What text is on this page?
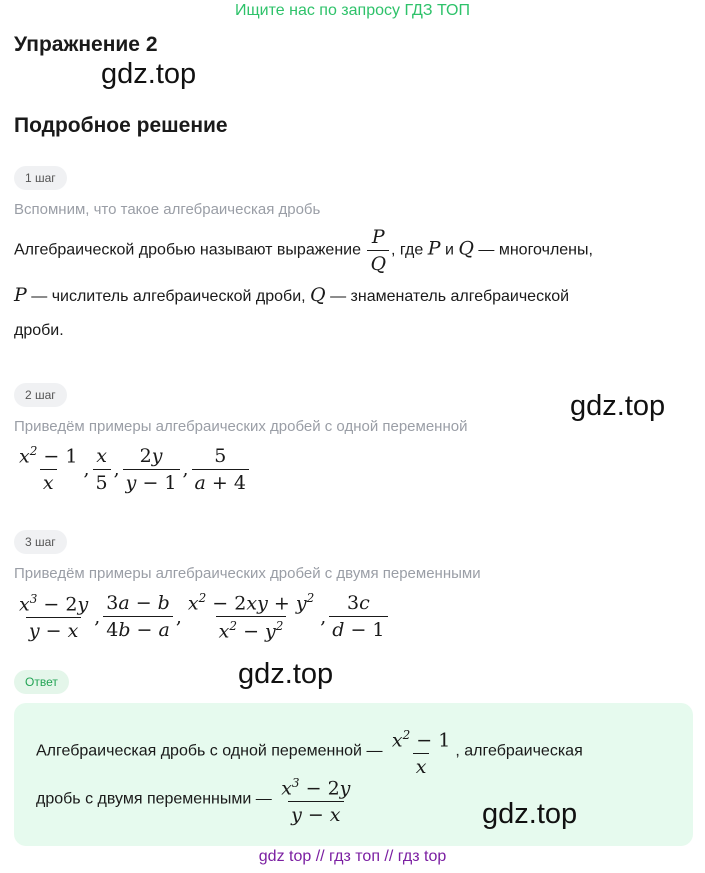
Ищите нас по запросу ГДЗ ТОП
Упражнение 2
gdz.top
Подробное решение
1 шаг
Вспомним, что такое алгебраическая дробь
Алгебраической дробью называют выражение $\frac{P}{Q}$ , где P и Q — многочлены,
P — числитель алгебраической дроби, Q — знаменатель алгебраической
дроби.
2 шаг	gdz.top
Приведём примеры алгебраических дробей с одной переменной
$\frac{x^2 - 1}{x}$ , $\frac{x}{5}$ , $\frac{2y}{y - 1}$ , $\frac{5}{a + 4}$
3 шаг
Приведём примеры алгебраических дробей с двумя переменными
$\frac{x^3 - 2y}{y - x}$ , $\frac{3a - b}{4b - a}$ , $\frac{x^2 - 2xy + y^2}{x^2 - y^2}$ , $\frac{3c}{d - 1}$
Ответ	gdz.top
Алгебраическая дробь с одной переменной — $\frac{x^2 - 1}{x}$ , алгебраическая
дробь с двумя переменными — $\frac{x^3 - 2y}{y - x}$	gdz.top
gdz top // гдз топ // гдз top
